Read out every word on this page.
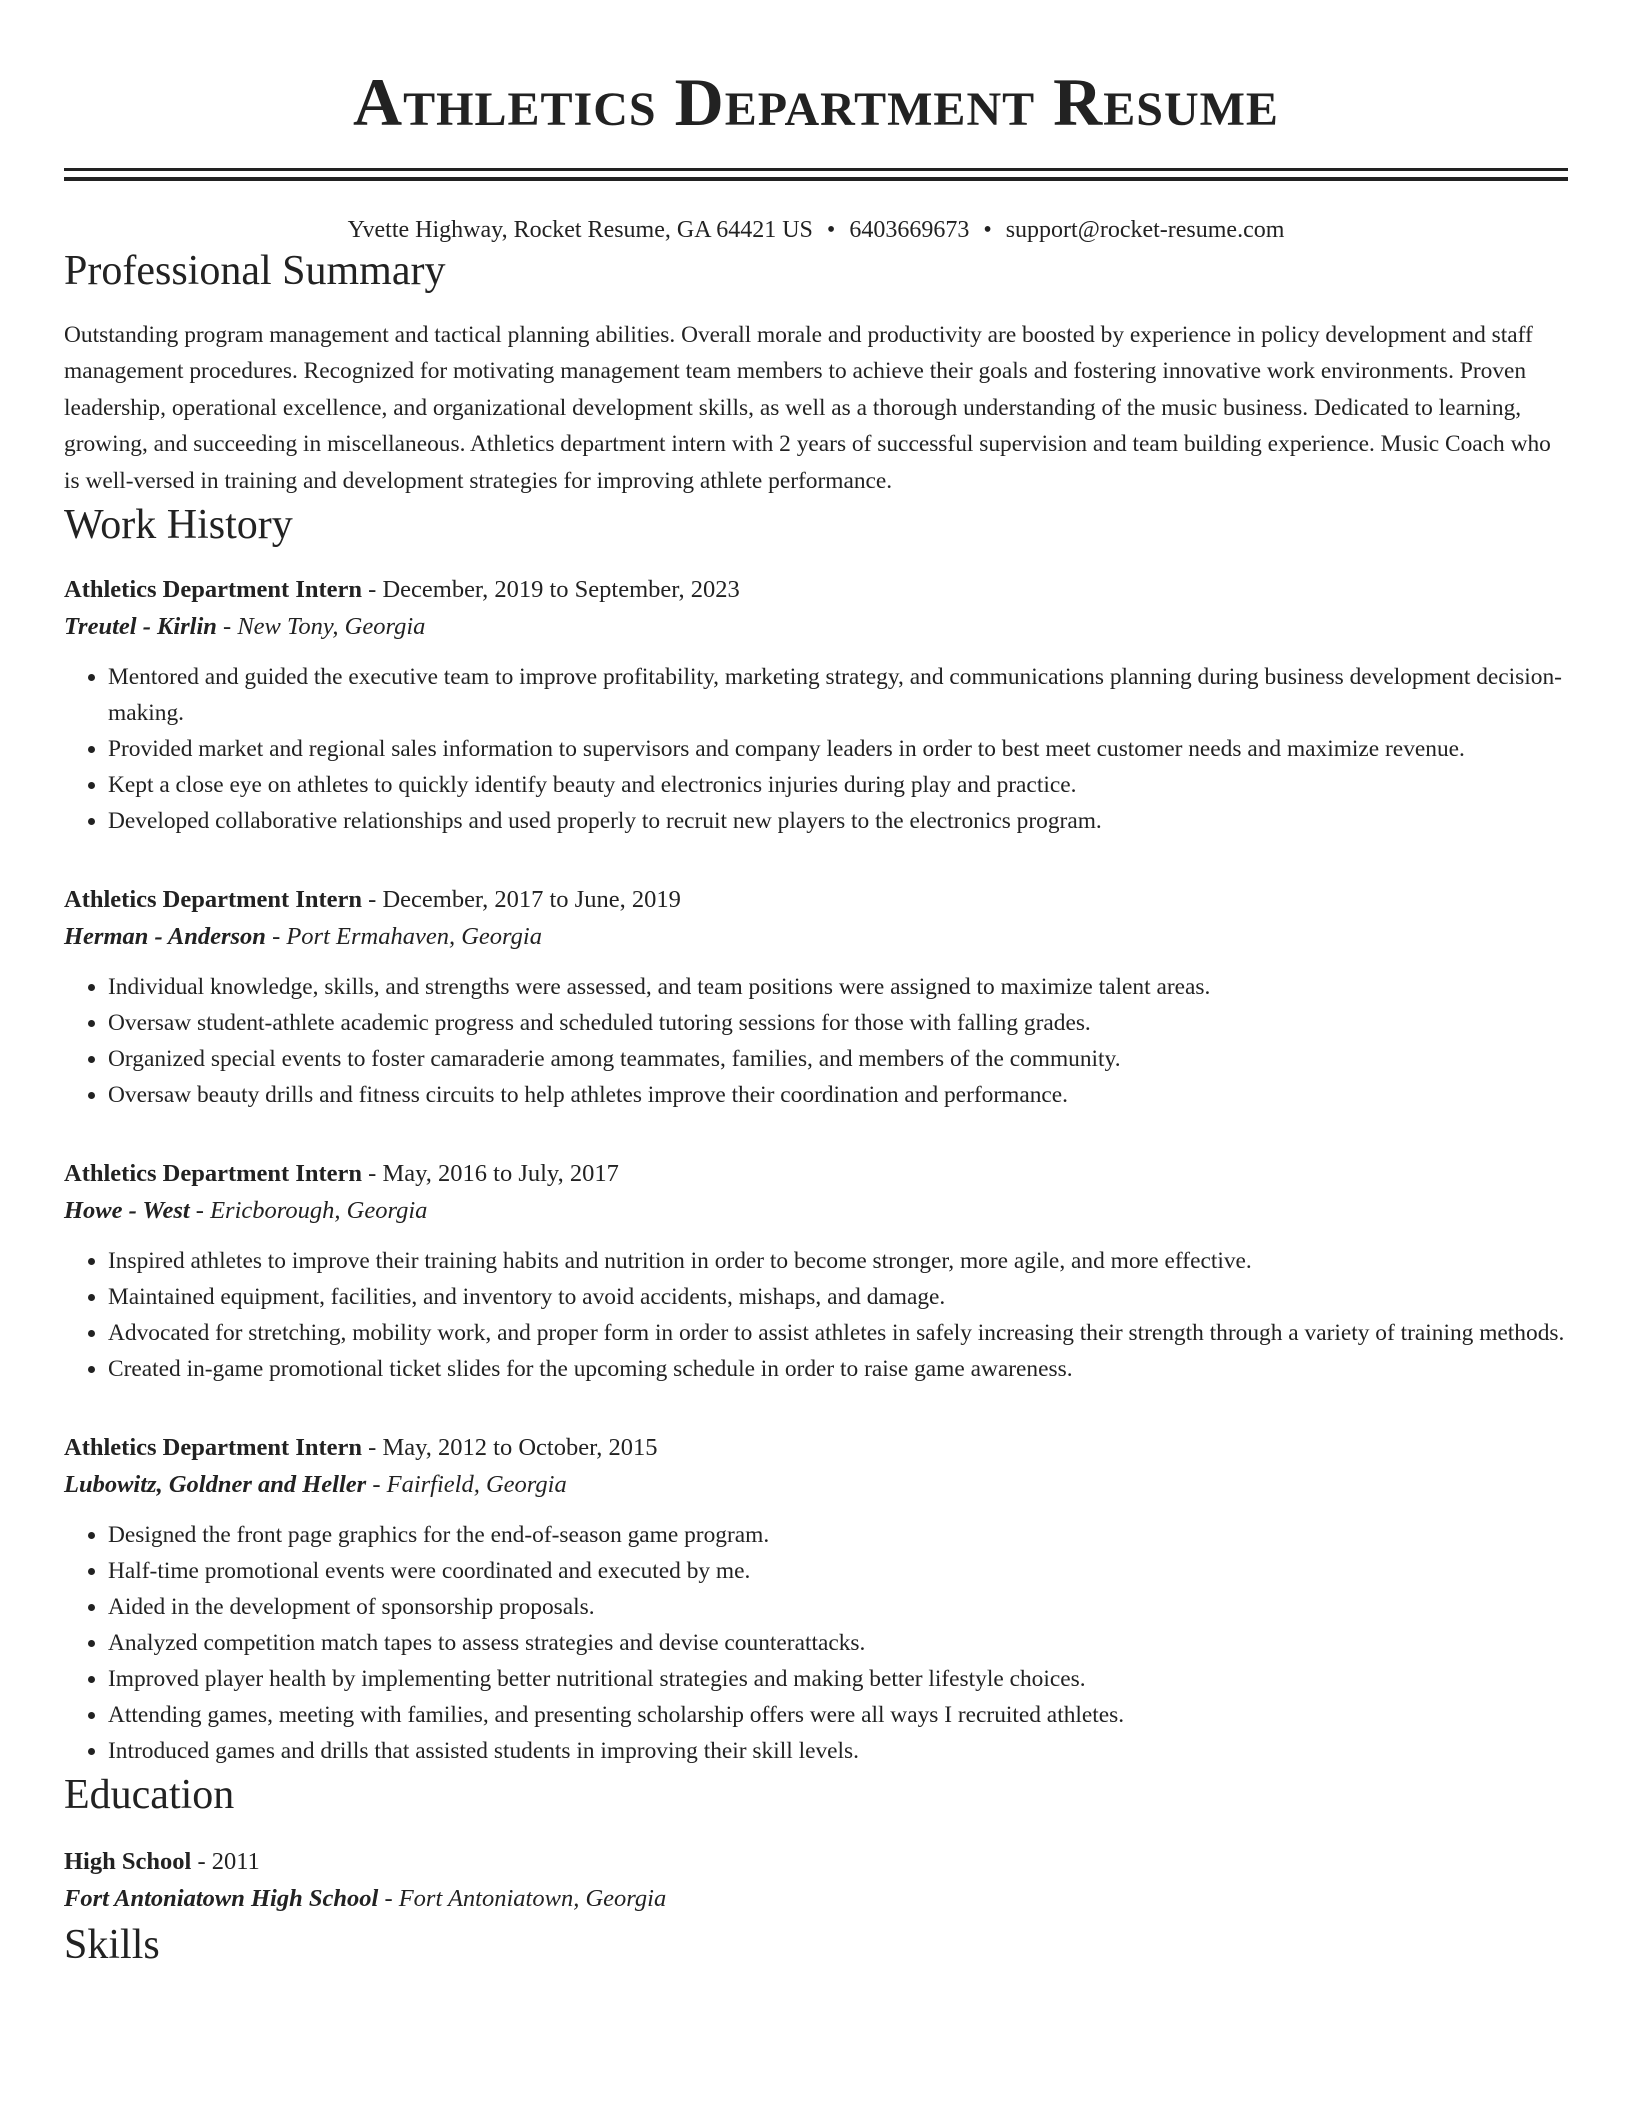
Athletics Department Resume
Yvette Highway, Rocket Resume, GA 64421 US • 6403669673 • support@rocket-resume.com
Professional Summary
Outstanding program management and tactical planning abilities. Overall morale and productivity are boosted by experience in policy development and staff management procedures. Recognized for motivating management team members to achieve their goals and fostering innovative work environments. Proven leadership, operational excellence, and organizational development skills, as well as a thorough understanding of the music business. Dedicated to learning, growing, and succeeding in miscellaneous. Athletics department intern with 2 years of successful supervision and team building experience. Music Coach who is well-versed in training and development strategies for improving athlete performance.
Work History
Athletics Department Intern - December, 2019 to September, 2023
Treutel - Kirlin - New Tony, Georgia
• Mentored and guided the executive team to improve profitability, marketing strategy, and communications planning during business development decision-making.
• Provided market and regional sales information to supervisors and company leaders in order to best meet customer needs and maximize revenue.
• Kept a close eye on athletes to quickly identify beauty and electronics injuries during play and practice.
• Developed collaborative relationships and used properly to recruit new players to the electronics program.
Athletics Department Intern - December, 2017 to June, 2019
Herman - Anderson - Port Ermahaven, Georgia
• Individual knowledge, skills, and strengths were assessed, and team positions were assigned to maximize talent areas.
• Oversaw student-athlete academic progress and scheduled tutoring sessions for those with falling grades.
• Organized special events to foster camaraderie among teammates, families, and members of the community.
• Oversaw beauty drills and fitness circuits to help athletes improve their coordination and performance.
Athletics Department Intern - May, 2016 to July, 2017
Howe - West - Ericborough, Georgia
• Inspired athletes to improve their training habits and nutrition in order to become stronger, more agile, and more effective.
• Maintained equipment, facilities, and inventory to avoid accidents, mishaps, and damage.
• Advocated for stretching, mobility work, and proper form in order to assist athletes in safely increasing their strength through a variety of training methods.
• Created in-game promotional ticket slides for the upcoming schedule in order to raise game awareness.
Athletics Department Intern - May, 2012 to October, 2015
Lubowitz, Goldner and Heller - Fairfield, Georgia
• Designed the front page graphics for the end-of-season game program.
• Half-time promotional events were coordinated and executed by me.
• Aided in the development of sponsorship proposals.
• Analyzed competition match tapes to assess strategies and devise counterattacks.
• Improved player health by implementing better nutritional strategies and making better lifestyle choices.
• Attending games, meeting with families, and presenting scholarship offers were all ways I recruited athletes.
• Introduced games and drills that assisted students in improving their skill levels.
Education
High School - 2011
Fort Antoniatown High School - Fort Antoniatown, Georgia
Skills
